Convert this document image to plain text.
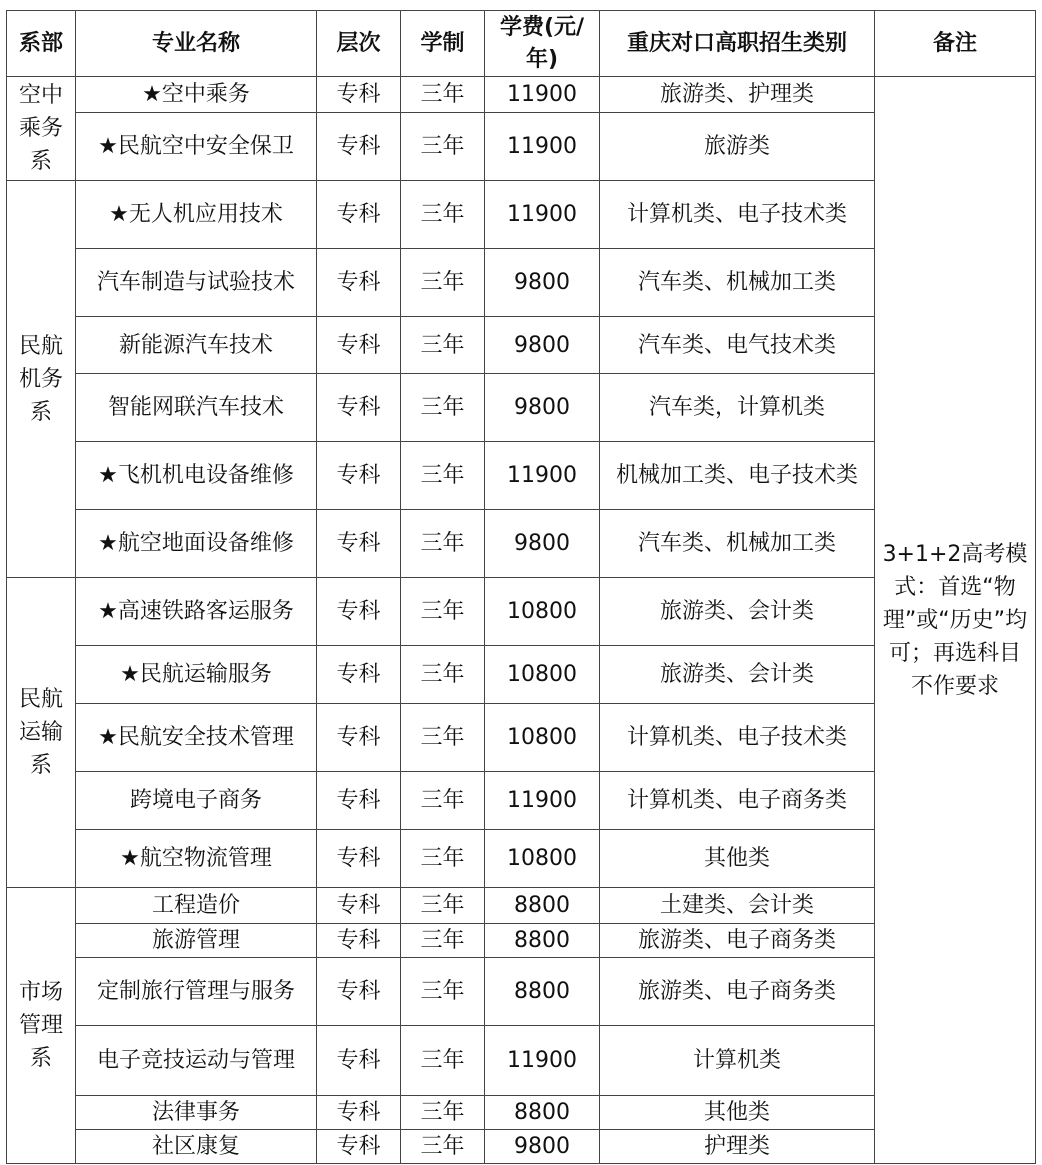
系部	专业名称	层次	学制	学费(元/年)	重庆对口高职招生类别	备注
空中乘务系	★空中乘务	专科	三年	11900	旅游类、护理类	3+1+2高考模式：首选“物理”或“历史”均可；再选科目不作要求
	★民航空中安全保卫	专科	三年	11900	旅游类	
民航机务系	★无人机应用技术	专科	三年	11900	计算机类、电子技术类	
	汽车制造与试验技术	专科	三年	9800	汽车类、机械加工类	
	新能源汽车技术	专科	三年	9800	汽车类、电气技术类	
	智能网联汽车技术	专科	三年	9800	汽车类，计算机类	
	★飞机机电设备维修	专科	三年	11900	机械加工类、电子技术类	
	★航空地面设备维修	专科	三年	9800	汽车类、机械加工类	
民航运输系	★高速铁路客运服务	专科	三年	10800	旅游类、会计类	
	★民航运输服务	专科	三年	10800	旅游类、会计类	
	★民航安全技术管理	专科	三年	10800	计算机类、电子技术类	
	跨境电子商务	专科	三年	11900	计算机类、电子商务类	
	★航空物流管理	专科	三年	10800	其他类	
市场管理系	工程造价	专科	三年	8800	土建类、会计类	
	旅游管理	专科	三年	8800	旅游类、电子商务类	
	定制旅行管理与服务	专科	三年	8800	旅游类、电子商务类	
	电子竞技运动与管理	专科	三年	11900	计算机类	
	法律事务	专科	三年	8800	其他类	
	社区康复	专科	三年	9800	护理类	
